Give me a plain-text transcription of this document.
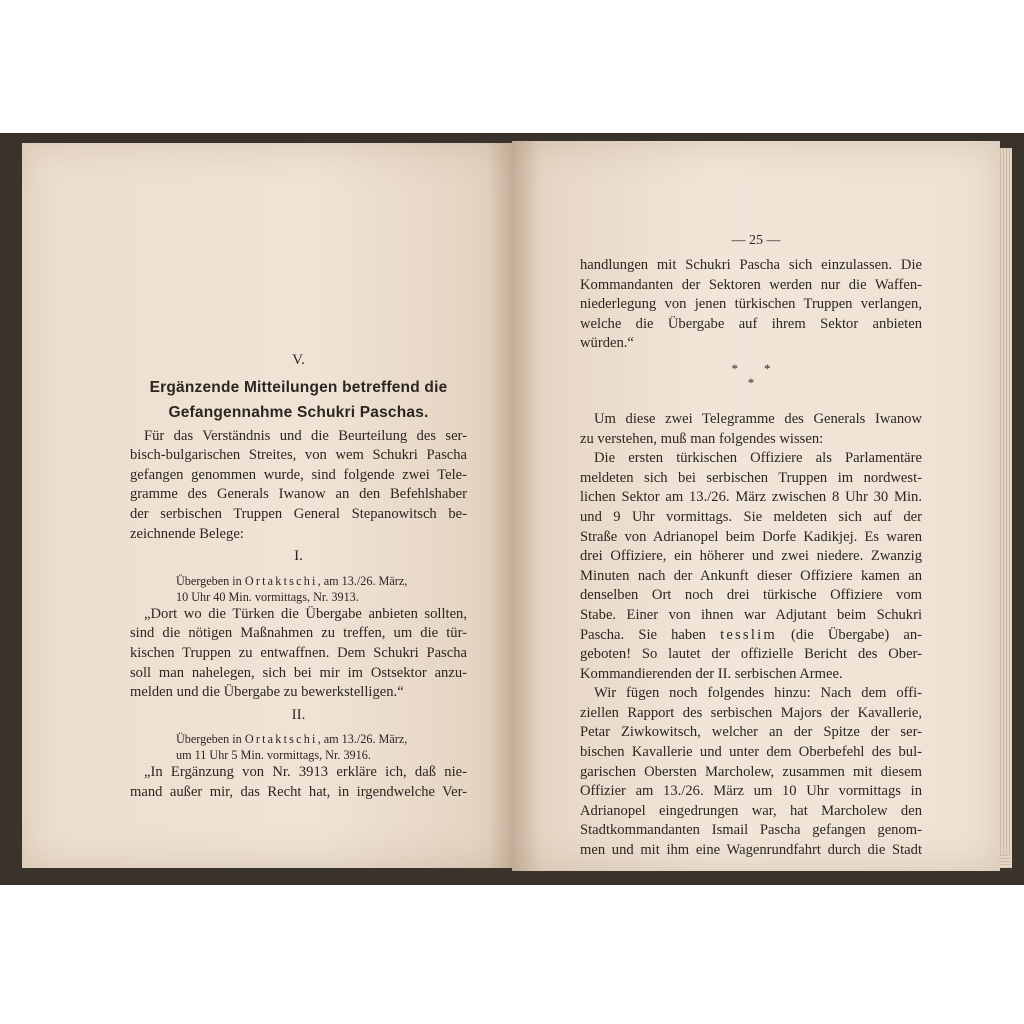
V.
Ergänzende Mitteilungen betreffend die
Gefangennahme Schukri Paschas.
Für das Verständnis und die Beurteilung des ser-
bisch-bulgarischen Streites, von wem Schukri Pascha
gefangen genommen wurde, sind folgende zwei Tele-
gramme des Generals Iwanow an den Befehlshaber
der serbischen Truppen General Stepanowitsch be-
zeichnende Belege:
I.
Übergeben in Ortaktschi, am 13./26. März,
10 Uhr 40 Min. vormittags, Nr. 3913.
„Dort wo die Türken die Übergabe anbieten sollten,
sind die nötigen Maßnahmen zu treffen, um die tür-
kischen Truppen zu entwaffnen. Dem Schukri Pascha
soll man nahelegen, sich bei mir im Ostsektor anzu-
melden und die Übergabe zu bewerkstelligen.“
II.
Übergeben in Ortaktschi, am 13./26. März,
um 11 Uhr 5 Min. vormittags, Nr. 3916.
„In Ergänzung von Nr. 3913 erkläre ich, daß nie-
mand außer mir, das Recht hat, in irgendwelche Ver-
— 25 —
handlungen mit Schukri Pascha sich einzulassen. Die
Kommandanten der Sektoren werden nur die Waffen-
niederlegung von jenen türkischen Truppen verlangen,
welche die Übergabe auf ihrem Sektor anbieten
würden.“
*        *
*
Um diese zwei Telegramme des Generals Iwanow
zu verstehen, muß man folgendes wissen:
Die ersten türkischen Offiziere als Parlamentäre
meldeten sich bei serbischen Truppen im nordwest-
lichen Sektor am 13./26. März zwischen 8 Uhr 30 Min.
und 9 Uhr vormittags. Sie meldeten sich auf der
Straße von Adrianopel beim Dorfe Kadikjej. Es waren
drei Offiziere, ein höherer und zwei niedere. Zwanzig
Minuten nach der Ankunft dieser Offiziere kamen an
denselben Ort noch drei türkische Offiziere vom
Stabe. Einer von ihnen war Adjutant beim Schukri
Pascha. Sie haben tesslim (die Übergabe) an-
geboten! So lautet der offizielle Bericht des Ober-
Kommandierenden der II. serbischen Armee.
Wir fügen noch folgendes hinzu: Nach dem offi-
ziellen Rapport des serbischen Majors der Kavallerie,
Petar Ziwkowitsch, welcher an der Spitze der ser-
bischen Kavallerie und unter dem Oberbefehl des bul-
garischen Obersten Marcholew, zusammen mit diesem
Offizier am 13./26. März um 10 Uhr vormittags in
Adrianopel eingedrungen war, hat Marcholew den
Stadtkommandanten Ismail Pascha gefangen genom-
men und mit ihm eine Wagenrundfahrt durch die Stadt
